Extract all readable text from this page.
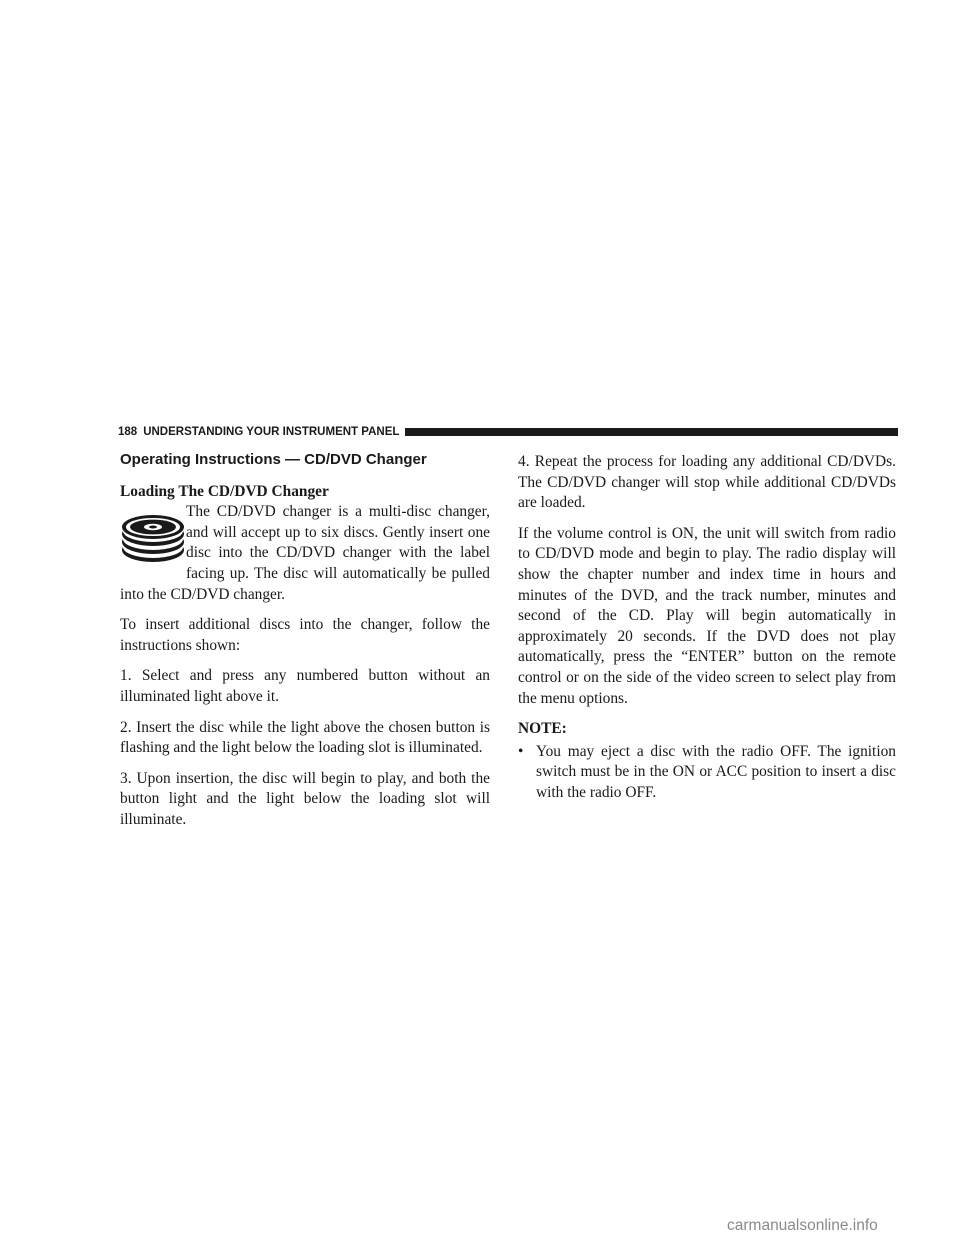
188 UNDERSTANDING YOUR INSTRUMENT PANEL
Operating Instructions — CD/DVD Changer
Loading The CD/DVD Changer

The CD/DVD changer is a multi-disc changer, and will accept up to six discs. Gently insert one disc into the CD/DVD changer with the label facing up. The disc will automatically be pulled into the CD/DVD changer.

To insert additional discs into the changer, follow the instructions shown:

1. Select and press any numbered button without an illuminated light above it.

2. Insert the disc while the light above the chosen button is flashing and the light below the loading slot is illuminated.

3. Upon insertion, the disc will begin to play, and both the button light and the light below the loading slot will illuminate.

4. Repeat the process for loading any additional CD/DVDs. The CD/DVD changer will stop while additional CD/DVDs are loaded.

If the volume control is ON, the unit will switch from radio to CD/DVD mode and begin to play. The radio display will show the chapter number and index time in hours and minutes of the DVD, and the track number, minutes and second of the CD. Play will begin automatically in approximately 20 seconds. If the DVD does not play automatically, press the “ENTER” button on the remote control or on the side of the video screen to select play from the menu options.

NOTE:
• You may eject a disc with the radio OFF. The ignition switch must be in the ON or ACC position to insert a disc with the radio OFF.
carmanualsonline.info
